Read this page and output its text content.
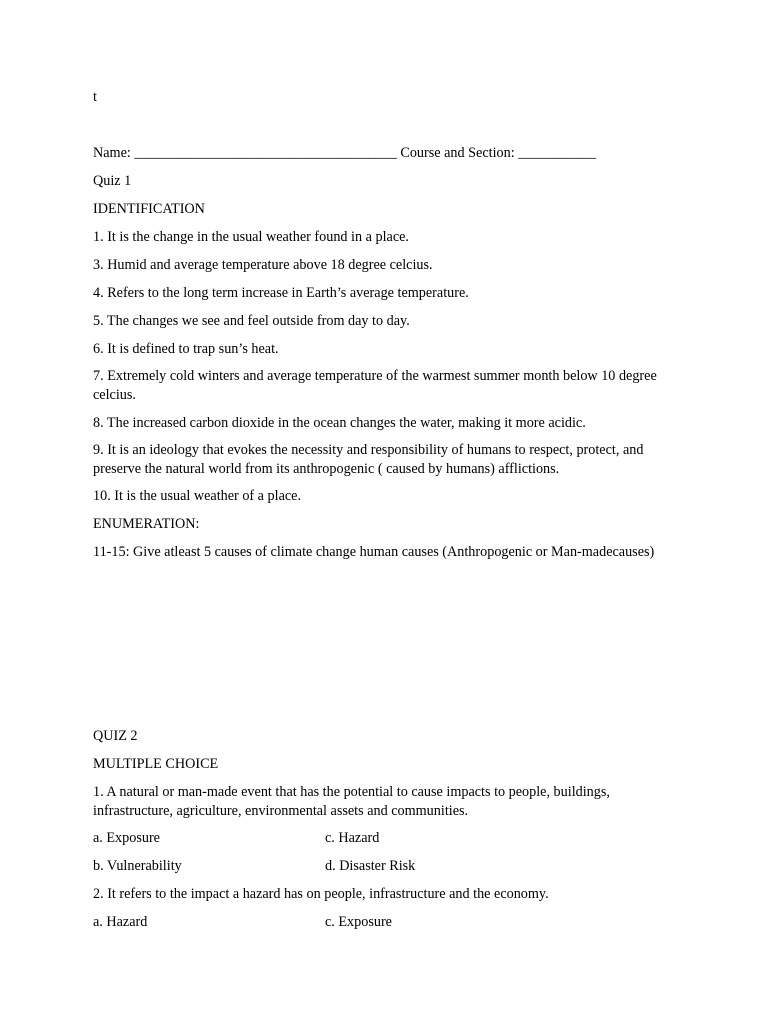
t
Name: _____________________________________ Course and Section: ___________
Quiz 1
IDENTIFICATION
1. It is the change in the usual weather found in a place.
3. Humid and average temperature above 18 degree celcius.
4. Refers to the long term increase in Earth’s average temperature.
5. The changes we see and feel outside from day to day.
6. It is defined to trap sun’s heat.
7. Extremely cold winters and average temperature of the warmest summer month below 10 degree celcius.
8. The increased carbon dioxide in the ocean changes the water, making it more acidic.
9. It is an ideology that evokes the necessity and responsibility of humans to respect, protect, and preserve the natural world from its anthropogenic ( caused by humans) afflictions.
10. It is the usual weather of a place.
ENUMERATION:
11-15: Give atleast 5 causes of climate change human causes (Anthropogenic or Man-madecauses)
QUIZ 2
MULTIPLE CHOICE
1. A natural or man-made event that has the potential to cause impacts to people, buildings, infrastructure, agriculture, environmental assets and communities.
a. Exposure	c. Hazard
b. Vulnerability	d. Disaster Risk
2. It refers to the impact a hazard has on people, infrastructure and the economy.
a. Hazard	c. Exposure
